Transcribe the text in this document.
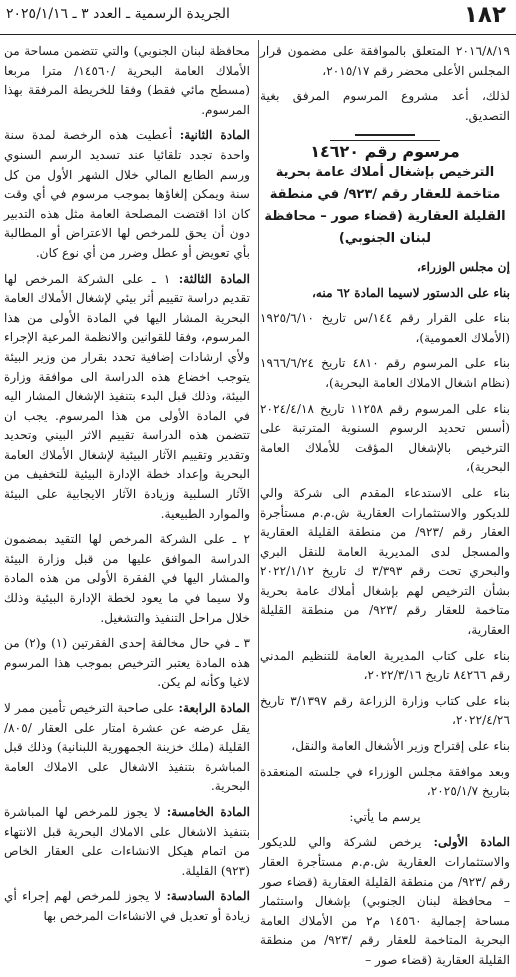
١٨٢
الجريدة الرسمية ـ العدد ٣ ـ ٢٠٢٥/١/١٦

٢٠١٦/٨/١٩ المتعلق بالموافقة على مضمون قرار المجلس الأعلى محضر رقم ٢٠١٥/١٧،

لذلك، أعد مشروع المرسوم المرفق بغية التصديق.

مرسوم رقم ١٤٦٢٠
الترخيص بإشغال أملاك عامة بحرية متاخمة للعقار رقم /٩٢٣/ في منطقة القليلة العقارية (قضاء صور – محافظة لبنان الجنوبي)

إن مجلس الوزراء،

بناء على الدستور لاسيما المادة ٦٢ منه،

بناء على القرار رقم ١٤٤/س تاريخ ١٩٢٥/٦/١٠ (الأملاك العمومية)،

بناء على المرسوم رقم ٤٨١٠ تاريخ ١٩٦٦/٦/٢٤ (نظام اشغال الاملاك العامة البحرية)،

بناء على المرسوم رقم ١١٢٥٨ تاريخ ٢٠٢٤/٤/١٨ (أسس تحديد الرسوم السنوية المترتبة على الترخيص بالإشغال المؤقت للأملاك العامة البحرية)،

بناء على الاستدعاء المقدم الى شركة والي للديكور والاستثمارات العقارية ش.م.م مستأجرة العقار رقم /٩٢٣/ من منطقة القليلة العقارية والمسجل لدى المديرية العامة للنقل البري والبحري تحت رقم ٣/٣٩٣ ك تاريخ ٢٠٢٢/١/١٢ بشأن الترخيص لهم بإشغال أملاك عامة بحرية متاخمة للعقار رقم /٩٢٣/ من منطقة القليلة العقارية،

بناء على كتاب المديرية العامة للتنظيم المدني رقم ٨٤٢٦٦ تاريخ ٢٠٢٢/٣/١٦،

بناء على كتاب وزارة الزراعة رقم ٣/١٣٩٧ تاريخ ٢٠٢٢/٤/٢٦،

بناء على إقتراح وزير الأشغال العامة والنقل،

وبعد موافقة مجلس الوزراء في جلسته المنعقدة بتاريخ ٢٠٢٥/١/٧،

يرسم ما يأتي:

المادة الأولى: يرخص لشركة والي للديكور والاستثمارات العقارية ش.م.م مستأجرة العقار رقم /٩٢٣/ من منطقة القليلة العقارية (قضاء صور – محافظة لبنان الجنوبي) بإشغال واستثمار مساحة إجمالية ١٤٥٦٠ م٢ من الأملاك العامة البحرية المتاخمة للعقار رقم /٩٢٣/ من منطقة القليلة العقارية (قضاء صور –

محافظة لبنان الجنوبي) والتي تتضمن مساحة من الأملاك العامة البحرية /١٤٥٦٠/ مترا مربعا (مسطح مائي فقط) وفقا للخريطة المرفقة بهذا المرسوم.

المادة الثانية: أعطيت هذه الرخصة لمدة سنة واحدة تجدد تلقائيا عند تسديد الرسم السنوي ورسم الطابع المالي خلال الشهر الأول من كل سنة ويمكن إلغاؤها بموجب مرسوم في أي وقت كان اذا اقتضت المصلحة العامة مثل هذه التدبير دون أن يحق للمرخص لها الاعتراض أو المطالبة بأي تعويض أو عطل وضرر من أي نوع كان.

المادة الثالثة: ١ ـ على الشركة المرخص لها تقديم دراسة تقييم أثر بيئي لإشغال الأملاك العامة البحرية المشار اليها في المادة الأولى من هذا المرسوم، وفقا للقوانين والانظمة المرعية الإجراء ولأي ارشادات إضافية تحدد بقرار من وزير البيئة يتوجب اخضاع هذه الدراسة الى موافقة وزارة البيئة، وذلك قبل البدء بتنفيذ الإشغال المشار اليه في المادة الأولى من هذا المرسوم. يجب ان تتضمن هذه الدراسة تقييم الاثر البيني وتحديد وتقدير وتقييم الآثار البيئية لإشغال الأملاك العامة البحرية وإعداد خطة الإدارة البيئية للتخفيف من الآثار السلبية وزيادة الآثار الايجابية على البيئة والموارد الطبيعية.

٢ ـ على الشركة المرخص لها التقيد بمضمون الدراسة الموافق عليها من قبل وزارة البيئة والمشار اليها في الفقرة الأولى من هذه المادة ولا سيما في ما يعود لخطة الإدارة البيئية وذلك خلال مراحل التنفيذ والتشغيل.

٣ ـ في حال مخالفة إحدى الفقرتين (١) و(٢) من هذه المادة يعتبر الترخيص بموجب هذا المرسوم لاغيا وكأنه لم يكن.

المادة الرابعة: على صاحبة الترخيص تأمين ممر لا يقل عرضه عن عشرة امتار على العقار /٨٠٥/ القليلة (ملك خزينة الجمهورية اللبنانية) وذلك قبل المباشرة بتنفيذ الاشغال على الاملاك العامة البحرية.

المادة الخامسة: لا يجوز للمرخص لها المباشرة بتنفيذ الاشغال على الاملاك البحرية قبل الانتهاء من اتمام هيكل الانشاءات على العقار الخاص (٩٢٣) القليلة.

المادة السادسة: لا يجوز للمرخص لهم إجراء أي زيادة أو تعديل في الانشاءات المرخص بها
